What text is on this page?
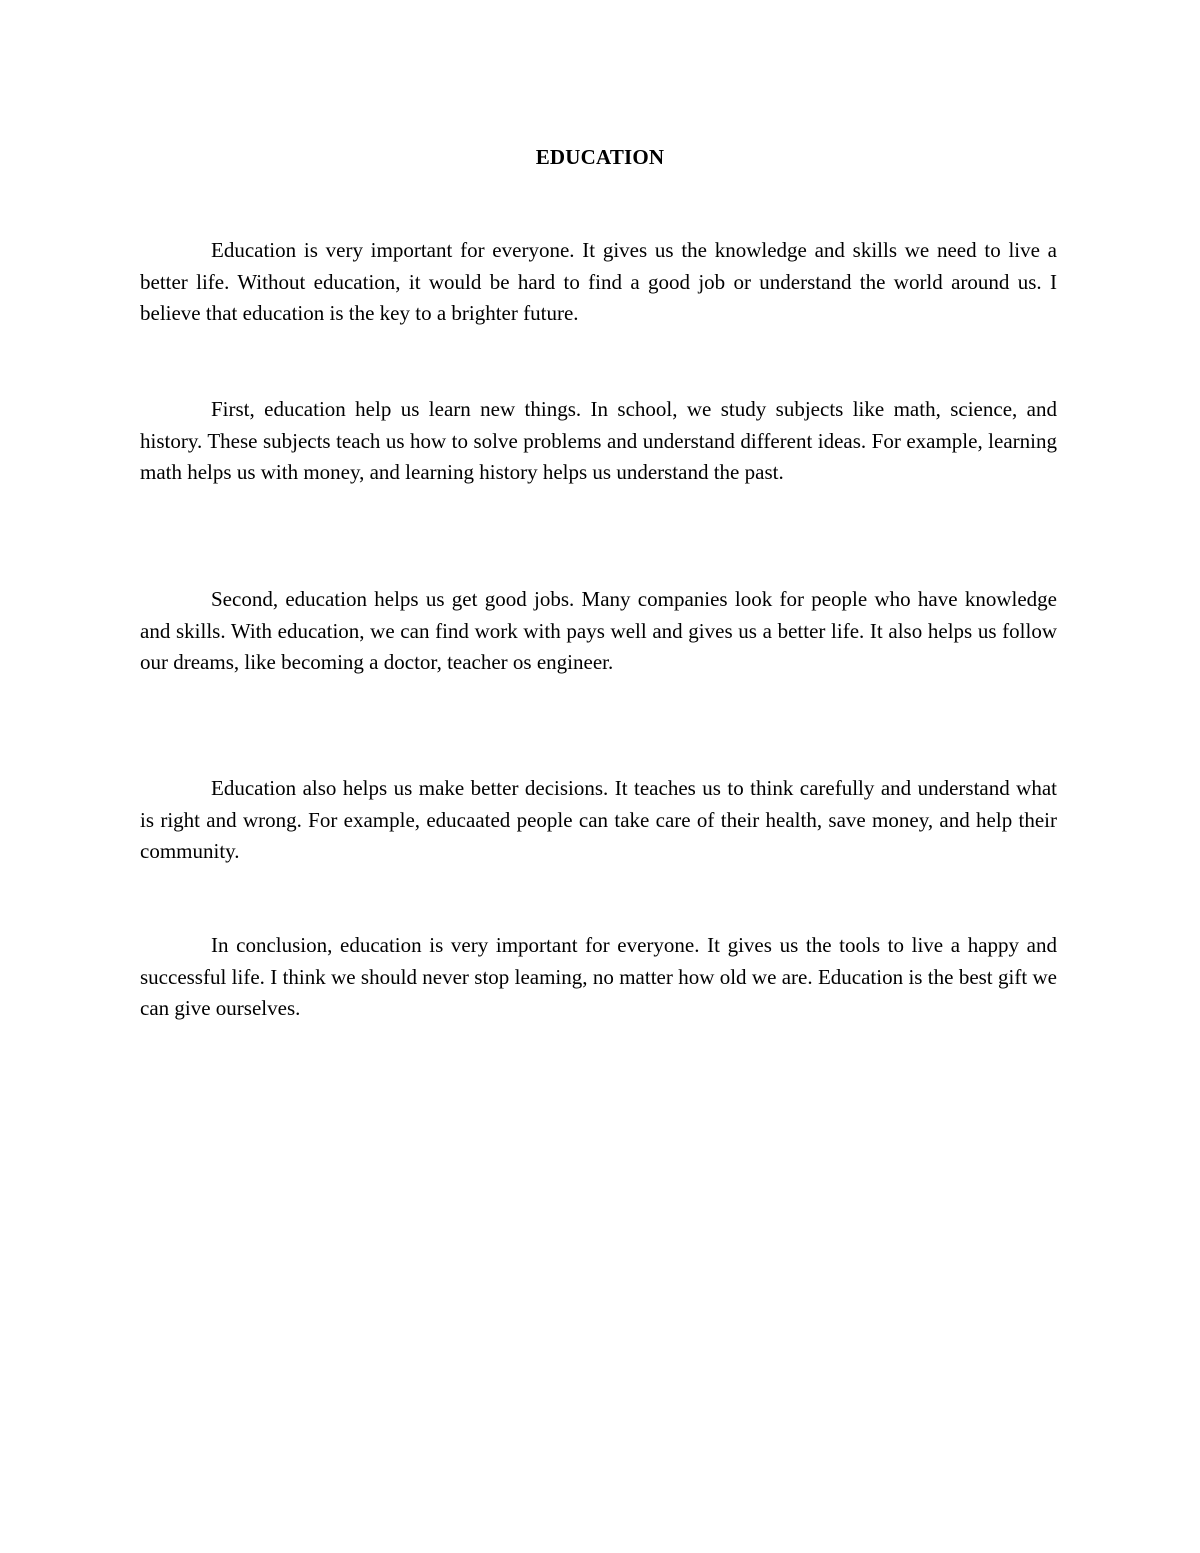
EDUCATION

Education is very important for everyone. It gives us the knowledge and skills we need to live a better life. Without education, it would be hard to find a good job or understand the world around us. I believe that education is the key to a brighter future.

First, education help us learn new things. In school, we study subjects like math, science, and history. These subjects teach us how to solve problems and understand different ideas. For example, learning math helps us with money, and learning history helps us understand the past.

Second, education helps us get good jobs. Many companies look for people who have knowledge and skills. With education, we can find work with pays well and gives us a better life. It also helps us follow our dreams, like becoming a doctor, teacher os engineer.

Education also helps us make better decisions. It teaches us to think carefully and understand what is right and wrong. For example, educaated people can take care of their health, save money, and help their community.

In conclusion, education is very important for everyone. It gives us the tools to live a happy and successful life. I think we should never stop leaming, no matter how old we are. Education is the best gift we can give ourselves.
